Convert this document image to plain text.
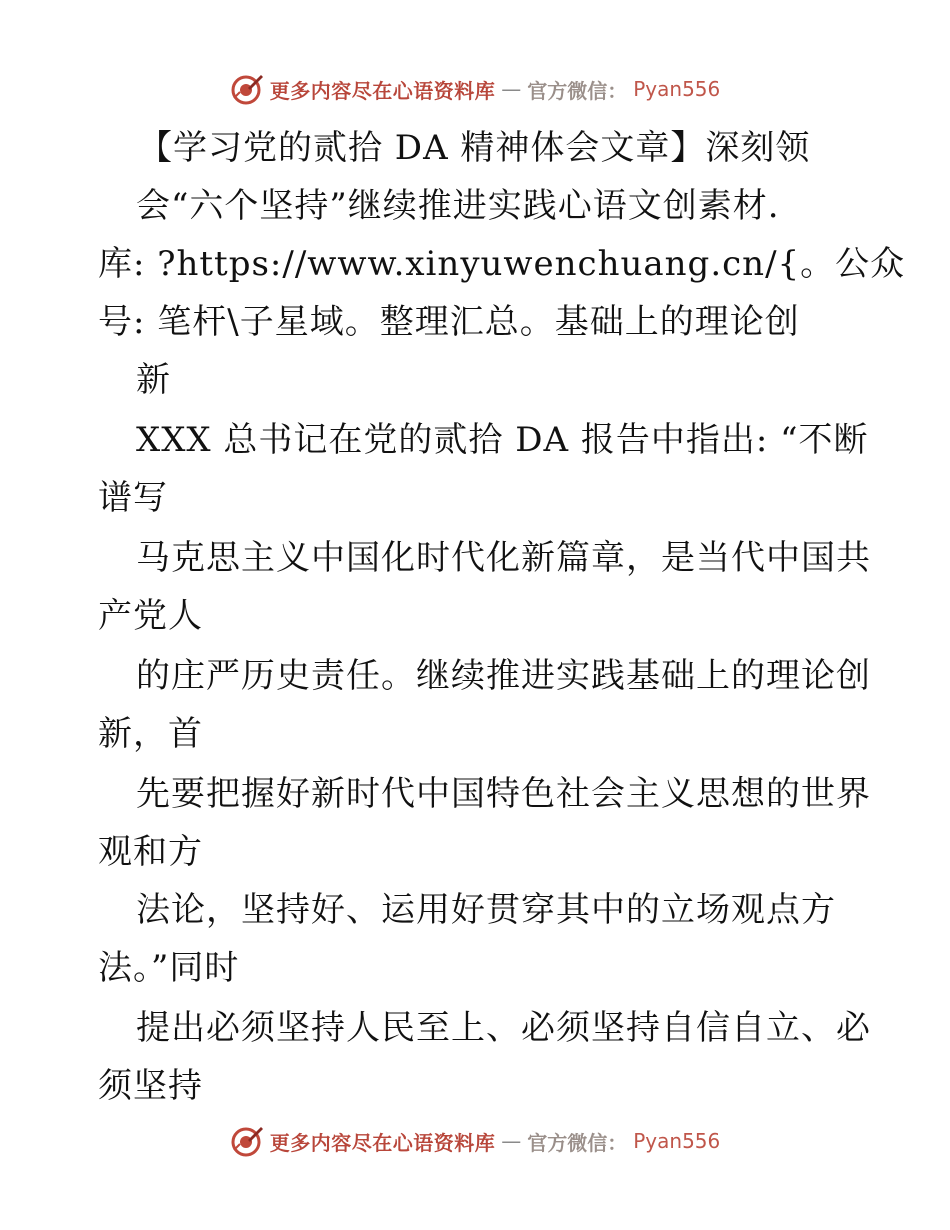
更多内容尽在心语资料库 — 官方微信： Pyan556
【学习党的贰拾 DA 精神体会文章】深刻领
会“六个坚持”继续推进实践心语文创素材.
库: ?https://www.xinyuwenchuang.cn/{。公众
号: 笔杆\子星域。整理汇总。基础上的理论创
新
XXX 总书记在党的贰拾 DA 报告中指出: “不断
谱写
马克思主义中国化时代化新篇章，是当代中国共
产党人
的庄严历史责任。继续推进实践基础上的理论创
新，首
先要把握好新时代中国特色社会主义思想的世界
观和方
法论，坚持好、运用好贯穿其中的立场观点方
法。”同时
提出必须坚持人民至上、必须坚持自信自立、必
须坚持
更多内容尽在心语资料库 — 官方微信： Pyan556
